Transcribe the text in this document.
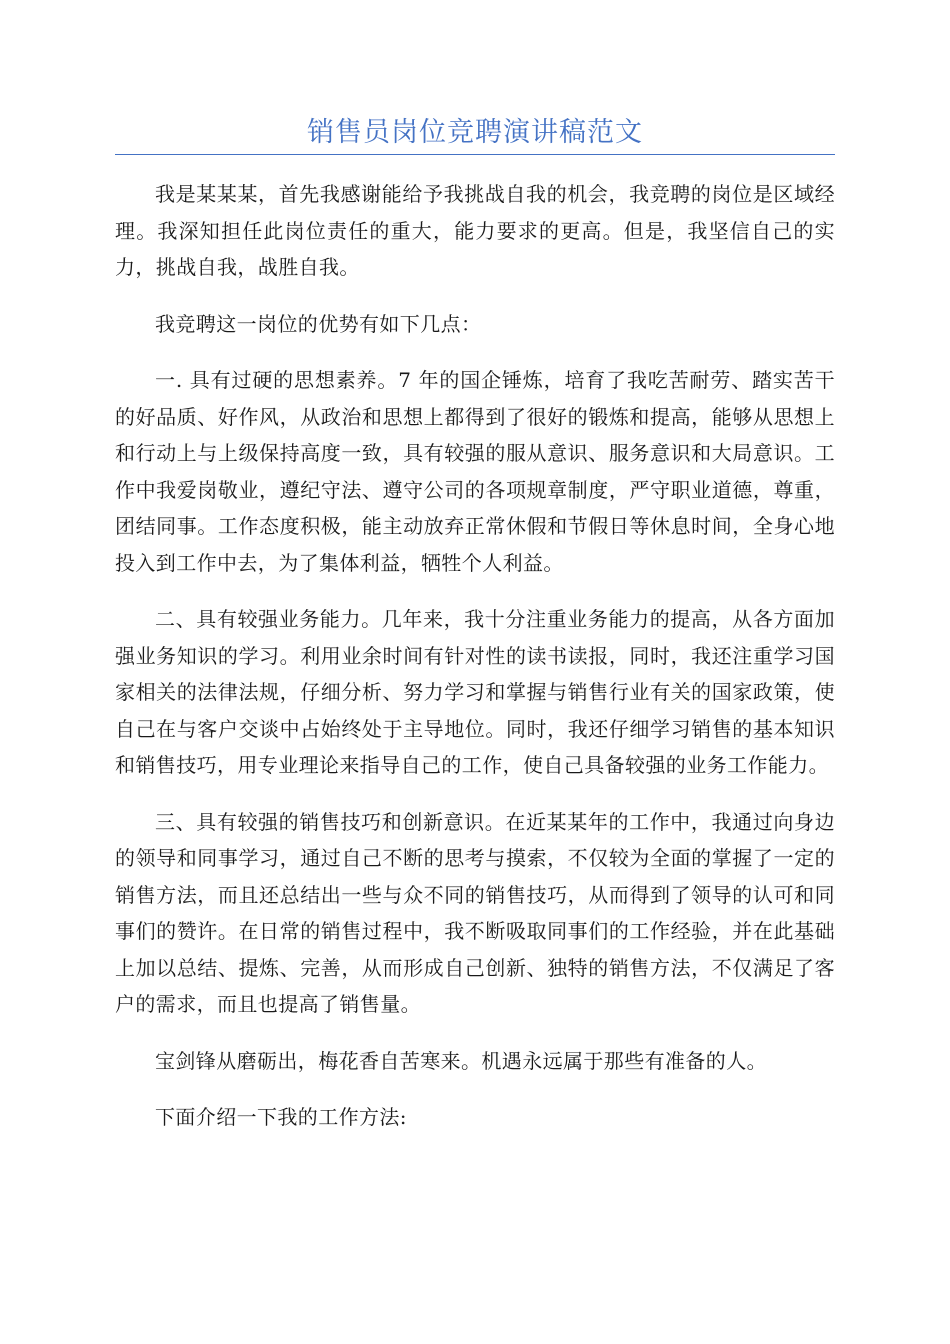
销售员岗位竞聘演讲稿范文

我是某某某，首先我感谢能给予我挑战自我的机会，我竞聘的岗位是区域经理。我深知担任此岗位责任的重大，能力要求的更高。但是，我坚信自己的实力，挑战自我，战胜自我。

我竞聘这一岗位的优势有如下几点：

一. 具有过硬的思想素养。7 年的国企锤炼，培育了我吃苦耐劳、踏实苦干的好品质、好作风，从政治和思想上都得到了很好的锻炼和提高，能够从思想上和行动上与上级保持高度一致，具有较强的服从意识、服务意识和大局意识。工作中我爱岗敬业，遵纪守法、遵守公司的各项规章制度，严守职业道德，尊重，团结同事。工作态度积极，能主动放弃正常休假和节假日等休息时间，全身心地投入到工作中去，为了集体利益，牺牲个人利益。

二、具有较强业务能力。几年来，我十分注重业务能力的提高，从各方面加强业务知识的学习。利用业余时间有针对性的读书读报，同时，我还注重学习国家相关的法律法规，仔细分析、努力学习和掌握与销售行业有关的国家政策，使自己在与客户交谈中占始终处于主导地位。同时，我还仔细学习销售的基本知识和销售技巧，用专业理论来指导自己的工作，使自己具备较强的业务工作能力。

三、具有较强的销售技巧和创新意识。在近某某年的工作中，我通过向身边的领导和同事学习，通过自己不断的思考与摸索，不仅较为全面的掌握了一定的销售方法，而且还总结出一些与众不同的销售技巧，从而得到了领导的认可和同事们的赞许。在日常的销售过程中，我不断吸取同事们的工作经验，并在此基础上加以总结、提炼、完善，从而形成自己创新、独特的销售方法，不仅满足了客户的需求，而且也提高了销售量。

宝剑锋从磨砺出，梅花香自苦寒来。机遇永远属于那些有准备的人。

下面介绍一下我的工作方法:
